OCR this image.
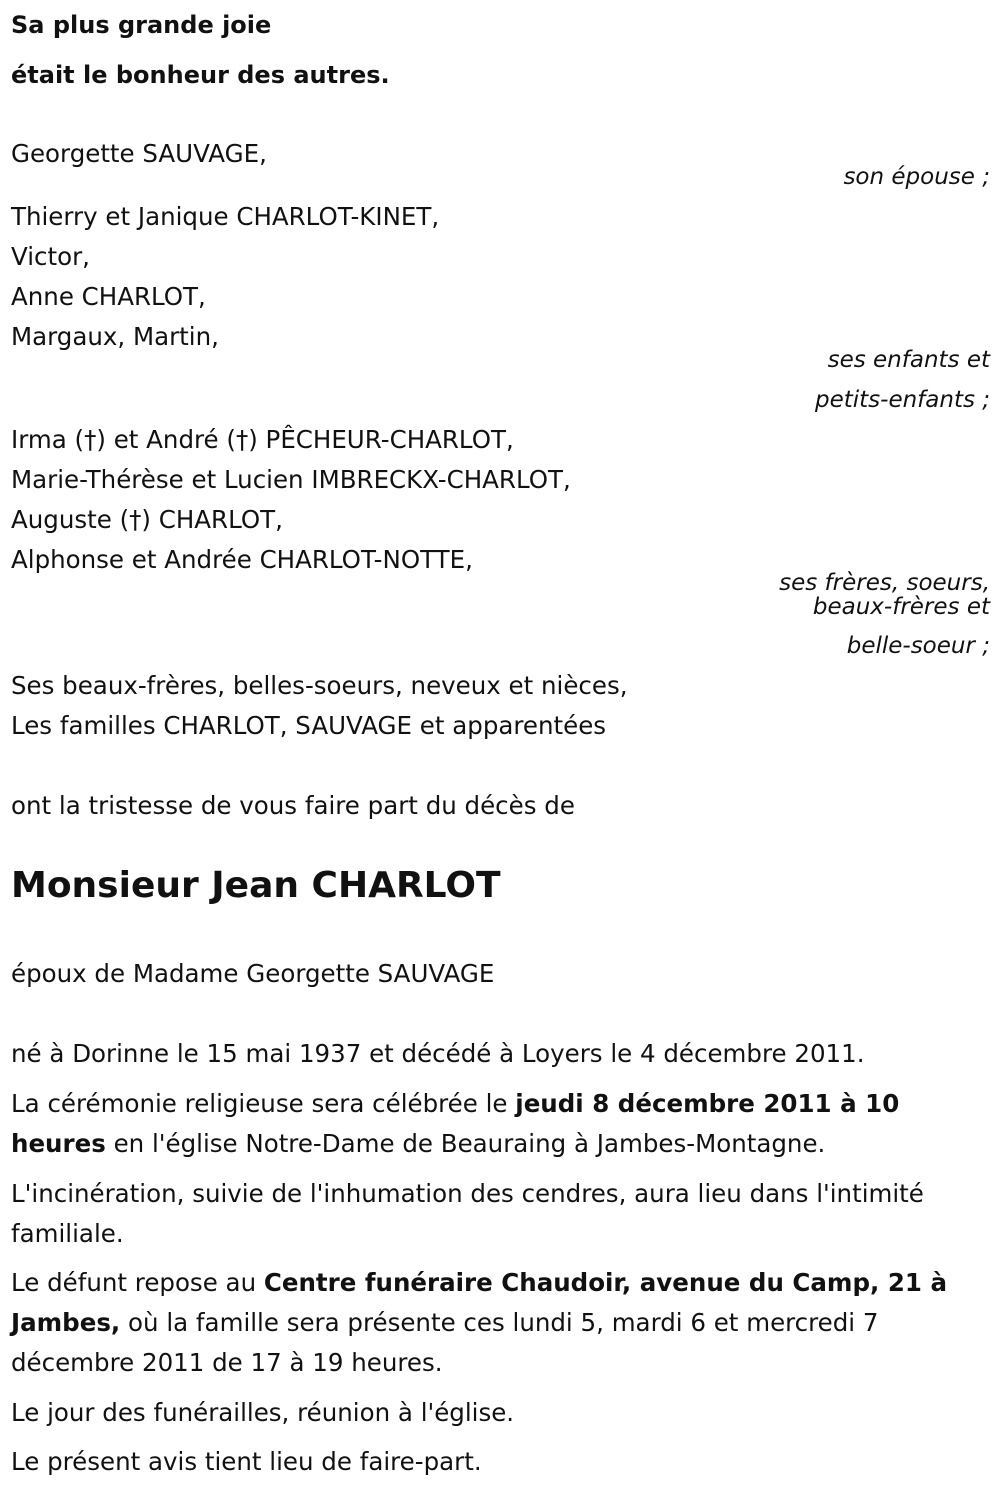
Sa plus grande joie
était le bonheur des autres.
Georgette SAUVAGE,
son épouse ;
Thierry et Janique CHARLOT-KINET,
Victor,
Anne CHARLOT,
Margaux, Martin,
ses enfants et
petits-enfants ;
Irma (†) et André (†) PÊCHEUR-CHARLOT,
Marie-Thérèse et Lucien IMBRECKX-CHARLOT,
Auguste (†) CHARLOT,
Alphonse et Andrée CHARLOT-NOTTE,
ses frères, soeurs,
beaux-frères et
belle-soeur ;
Ses beaux-frères, belles-soeurs, neveux et nièces,
Les familles CHARLOT, SAUVAGE et apparentées
ont la tristesse de vous faire part du décès de
Monsieur Jean CHARLOT
époux de Madame Georgette SAUVAGE
né à Dorinne le 15 mai 1937 et décédé à Loyers le 4 décembre 2011.
La cérémonie religieuse sera célébrée le jeudi 8 décembre 2011 à 10
heures en l'église Notre-Dame de Beauraing à Jambes-Montagne.
L'incinération, suivie de l'inhumation des cendres, aura lieu dans l'intimité
familiale.
Le défunt repose au Centre funéraire Chaudoir, avenue du Camp, 21 à
Jambes, où la famille sera présente ces lundi 5, mardi 6 et mercredi 7
décembre 2011 de 17 à 19 heures.
Le jour des funérailles, réunion à l'église.
Le présent avis tient lieu de faire-part.
